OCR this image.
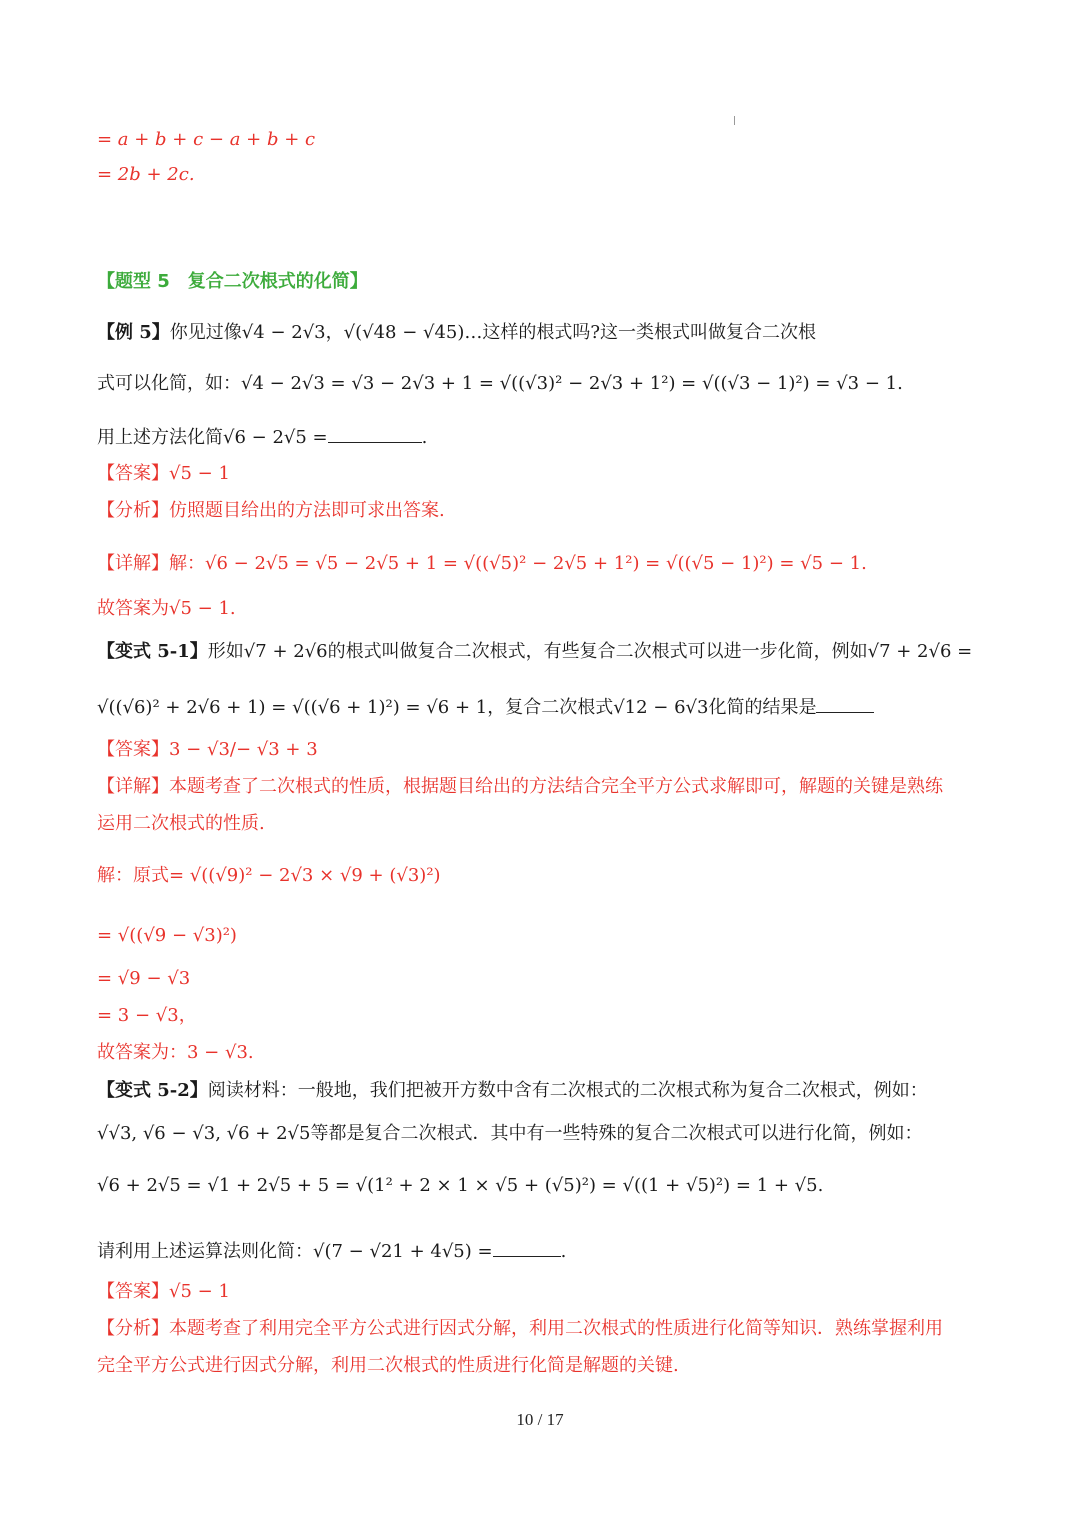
= a + b + c − a + b + c
= 2b + 2c.
【题型 5　复合二次根式的化简】
【例 5】你见过像√4 − 2√3，√(√48 − √45)…这样的根式吗?这一类根式叫做复合二次根
式可以化简，如：√4 − 2√3 = √3 − 2√3 + 1 = √((√3)² − 2√3 + 1²) = √((√3 − 1)²) = √3 − 1.
用上述方法化简√6 − 2√5 =	.
【答案】√5 − 1
【分析】仿照题目给出的方法即可求出答案.
【详解】解：√6 − 2√5 = √5 − 2√5 + 1 = √((√5)² − 2√5 + 1²) = √((√5 − 1)²) = √5 − 1.
故答案为√5 − 1.
【变式 5-1】形如√7 + 2√6的根式叫做复合二次根式，有些复合二次根式可以进一步化简，例如√7 + 2√6 =
√((√6)² + 2√6 + 1) = √((√6 + 1)²) = √6 + 1，复合二次根式√12 − 6√3化简的结果是
【答案】3 − √3/− √3 + 3
【详解】本题考查了二次根式的性质，根据题目给出的方法结合完全平方公式求解即可，解题的关键是熟练
运用二次根式的性质.
解：原式= √((√9)² − 2√3 × √9 + (√3)²)
= √((√9 − √3)²)
= √9 − √3
= 3 − √3，
故答案为：3 − √3.
【变式 5-2】阅读材料：一般地，我们把被开方数中含有二次根式的二次根式称为复合二次根式，例如：
√√3, √6 − √3, √6 + 2√5等都是复合二次根式．其中有一些特殊的复合二次根式可以进行化简，例如：
√6 + 2√5 = √1 + 2√5 + 5 = √(1² + 2 × 1 × √5 + (√5)²) = √((1 + √5)²) = 1 + √5.
请利用上述运算法则化简：√(7 − √21 + 4√5) =	.
【答案】√5 − 1
【分析】本题考查了利用完全平方公式进行因式分解，利用二次根式的性质进行化简等知识．熟练掌握利用
完全平方公式进行因式分解，利用二次根式的性质进行化简是解题的关键.
10 / 17
